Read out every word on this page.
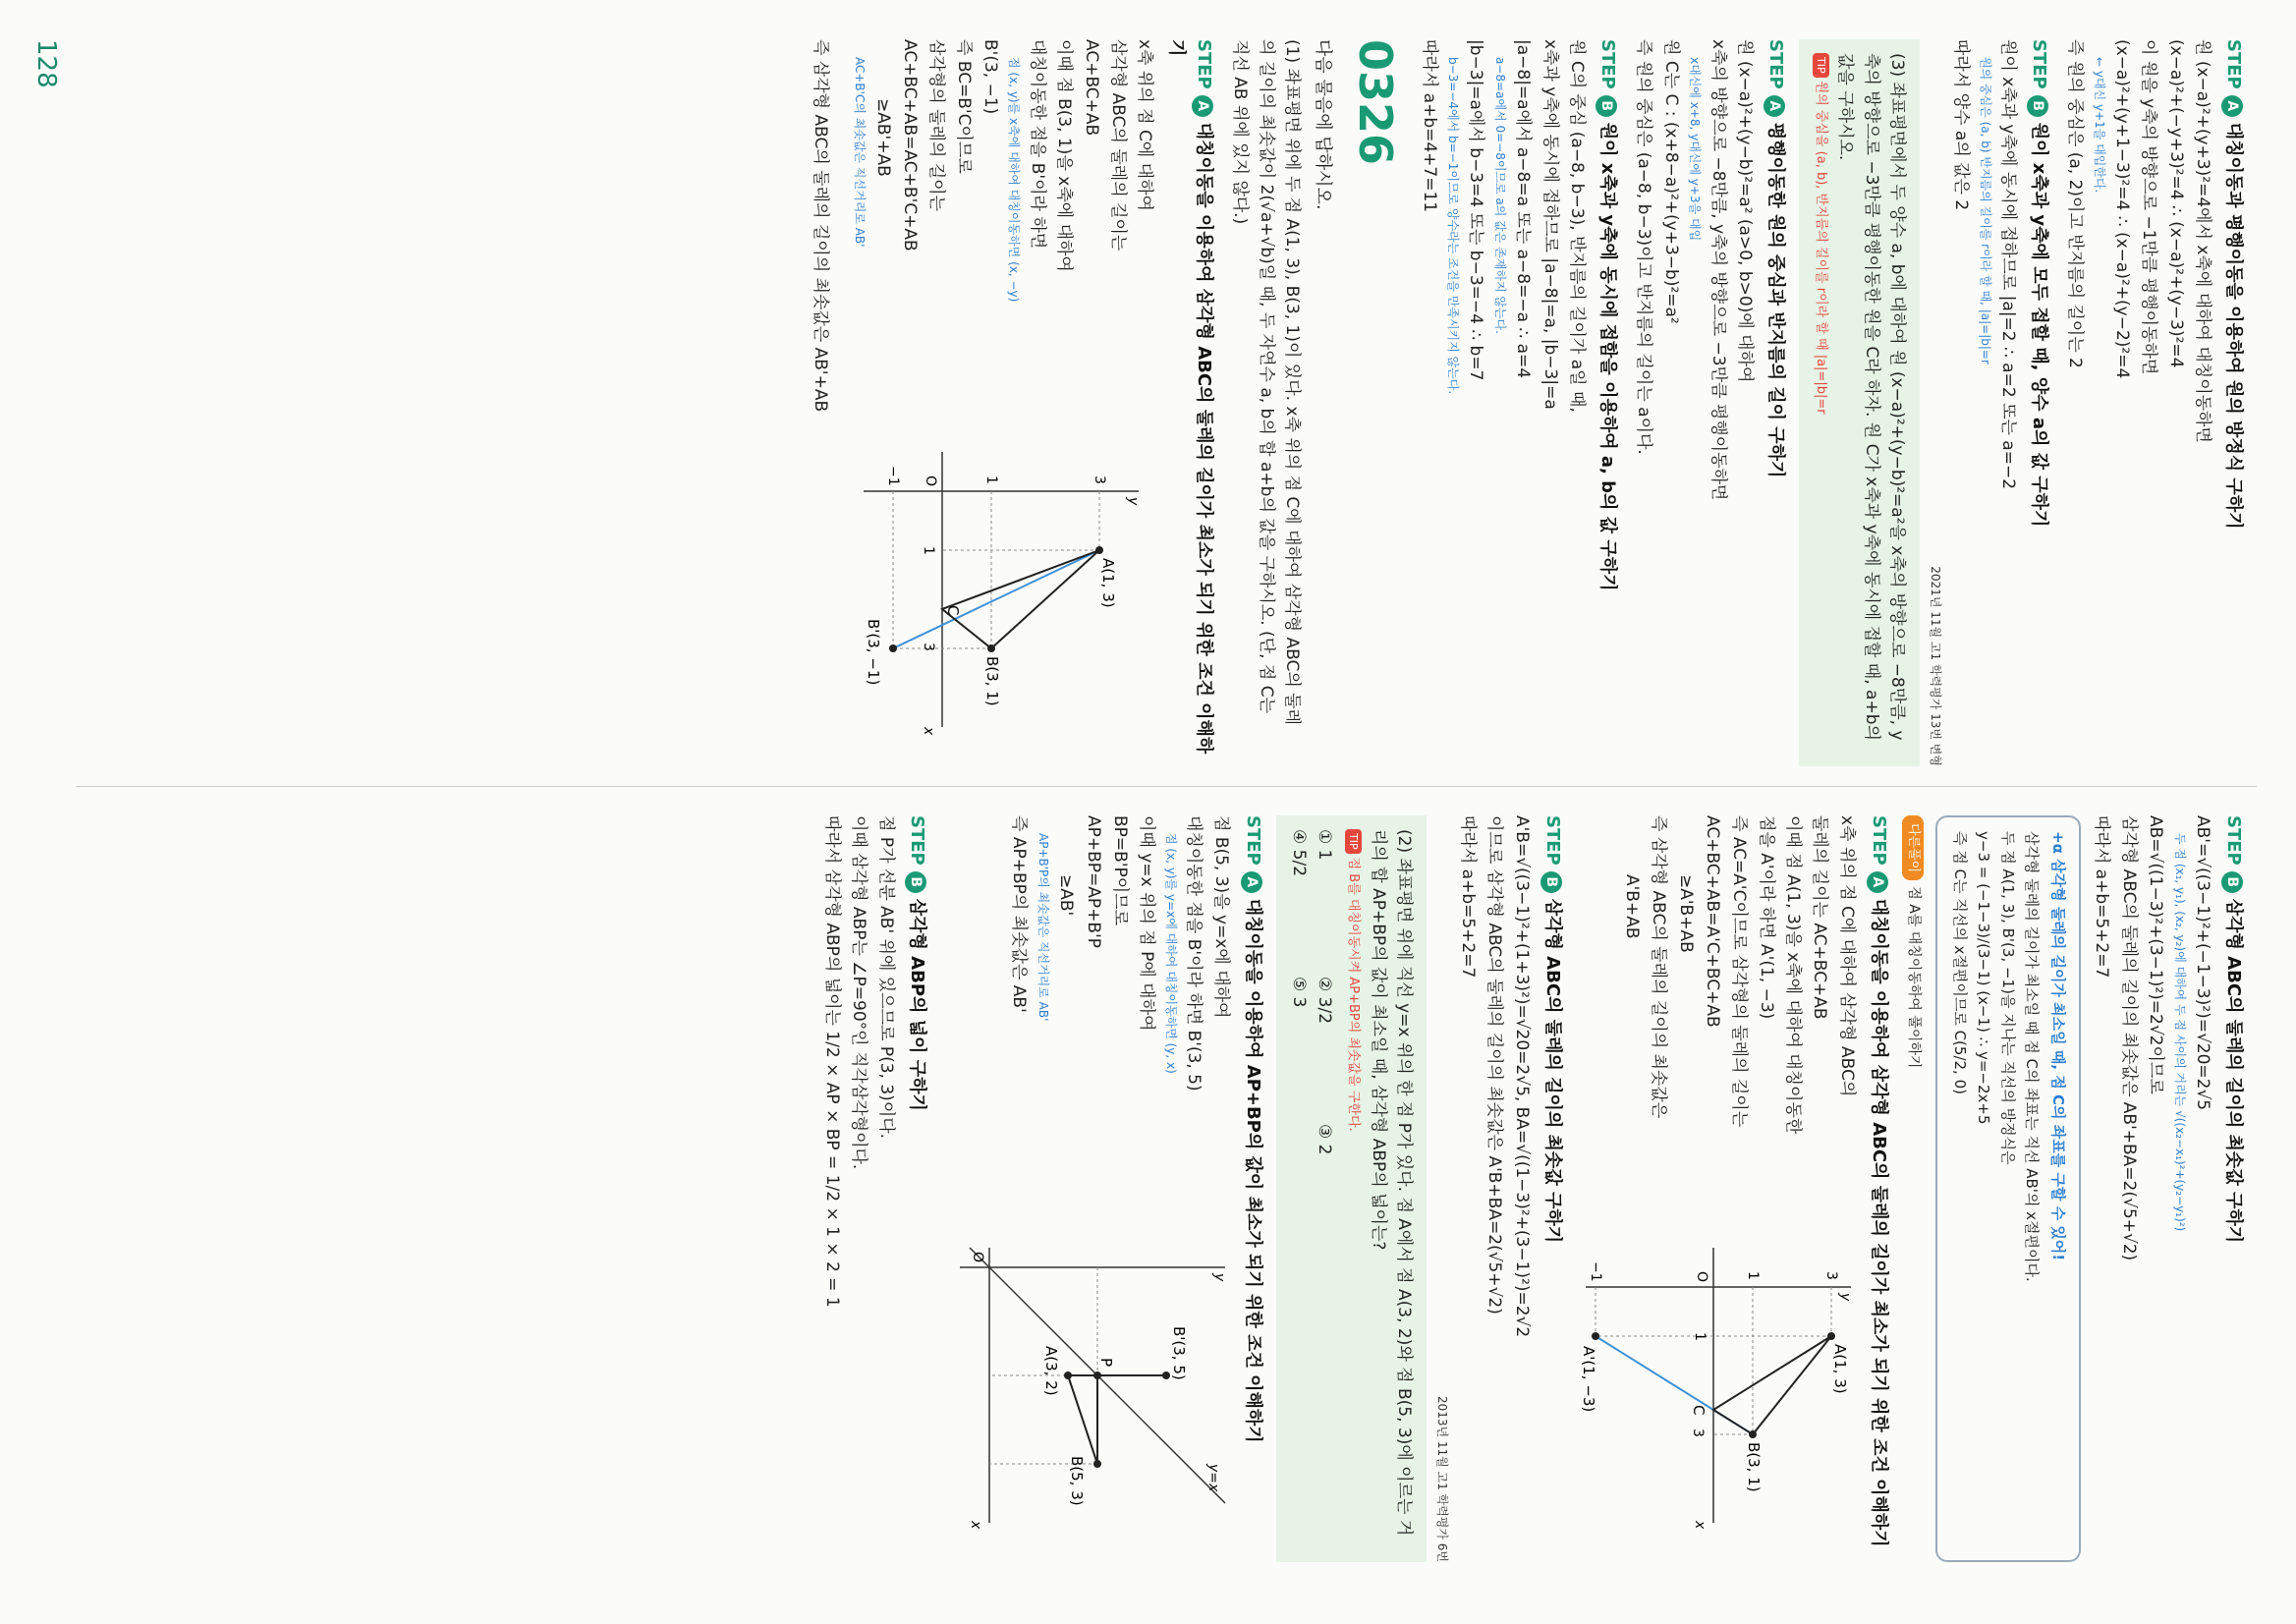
128	STEPA대칭이동과 평행이동을 이용하여 원의 방정식 구하기
원 (x−a)²+(y+3)²=4에서 x축에 대하여 대칭이동하면
(x−a)²+(−y+3)²=4 ∴ (x−a)²+(y−3)²=4
이 원을 y축의 방향으로 −1만큼 평행이동하면
(x−a)²+(y+1−3)²=4 ∴ (x−a)²+(y−2)²=4
← y대신 y+1을 대입한다.
즉 원의 중심은 (a, 2)이고 반지름의 길이는 2
STEPB원이 x축과 y축에 모두 접할 때, 양수 a의 값 구하기
원이 x축과 y축에 동시에 접하므로 |a|=2 ∴ a=2 또는 a=−2
원의 중심은 (a, b) 반지름의 길이를 r이라 할 때, |a|=|b|=r
따라서 양수 a의 값은 2
2021년 11월 고1 학력평가 13번 변형
(3) 좌표평면에서 두 양수 a, b에 대하여 원 (x−a)²+(y−b)²=a²을 x축의 방향으로 −8만큼, y축의 방향으로 −3만큼 평행이동한 원을 C라 하자. 원 C가 x축과 y축에 동시에 접할 때, a+b의 값을 구하시오.
TIP원의 중심을 (a, b), 반지름의 길이를 r이라 할 때 |a|=|b|=r
STEPA평행이동한 원의 중심과 반지름의 길이 구하기
원 (x−a)²+(y−b)²=a² (a>0, b>0)에 대하여
x축의 방향으로 −8만큼, y축의 방향으로 −3만큼 평행이동하면
x대신에 x+8, y대신에 y+3을 대입
원 C는 C : (x+8−a)²+(y+3−b)²=a²
즉 원의 중심은 (a−8, b−3)이고 반지름의 길이는 a이다.
STEPB원이 x축과 y축에 동시에 접함을 이용하여 a, b의 값 구하기
원 C의 중심 (a−8, b−3), 반지름의 길이가 a일 때,
x축과 y축에 동시에 접하므로 |a−8|=a, |b−3|=a
|a−8|=a에서 a−8=a 또는 a−8=−a ∴ a=4
a−8=a에서 0=−8이므로 a의 값은 존재하지 않는다.
|b−3|=a에서 b−3=4 또는 b−3=−4 ∴ b=7
b−3=−4에서 b=−1이므로 양수라는 조건을 만족시키지 않는다.
따라서 a+b=4+7=11
0326
다음 물음에 답하시오.
(1) 좌표평면 위에 두 점 A(1, 3), B(3, 1)이 있다. x축 위의 점 C에 대하여 삼각형 ABC의 둘레의 길이의 최솟값이 2(√a+√b)일 때, 두 자연수 a, b의 합 a+b의 값을 구하시오. (단, 점 C는 직선 AB 위에 있지 않다.)
STEPA대칭이동을 이용하여 삼각형 ABC의 둘레의 길이가 최소가 되기 위한 조건 이해하기
x축 위의 점 C에 대하여
삼각형 ABC의 둘레의 길이는
AC+BC+AB
이때 점 B(3, 1)을 x축에 대하여
대칭이동한 점을 B'이라 하면
점 (x, y)를 x축에 대하여 대칭이동하면 (x, −y)
B'(3, −1)
즉 BC=B'C이므로
삼각형의 둘레의 길이는
AC+BC+AB=AC+B'C+AB
≥AB'+AB
AC+B'C의 최솟값은 직선거리로 AB'
A(1, 3)
B(3, 1)
B'(3, −1)
C
O
1
3
3
1
−1
x
y
즉 삼각형 ABC의 둘레의 길이의 최솟값은 AB'+AB
STEPB삼각형 ABC의 둘레의 길이의 최솟값 구하기
AB'=√((3−1)²+(−1−3)²)=√20=2√5
두 점 (x₁, y₁), (x₂, y₂)에 대하여 두 점 사이의 거리는 √((x₂−x₁)²+(y₂−y₁)²)
AB=√((1−3)²+(3−1)²)=2√2이므로
삼각형 ABC의 둘레의 길이의 최솟값은 AB'+BA=2(√5+√2)
따라서 a+b=5+2=7
+α 삼각형 둘레의 길이가 최소일 때, 점 C의 좌표를 구할 수 있어!
삼각형 둘레의 길이가 최소일 때 점 C의 좌표는 직선 AB'의 x절편이다.
두 점 A(1, 3), B'(3, −1)을 지나는 직선의 방정식은
y−3 = (−1−3)/(3−1) (x−1) ∴ y=−2x+5
즉 점 C는 직선의 x절편이므로 C(5/2, 0)
다른풀이점 A를 대칭이동하여 풀이하기
STEPA대칭이동을 이용하여 삼각형 ABC의 둘레의 길이가 최소가 되기 위한 조건 이해하기
x축 위의 점 C에 대하여 삼각형 ABC의
둘레의 길이는 AC+BC+AB
이때 점 A(1, 3)을 x축에 대하여 대칭이동한
점을 A'이라 하면 A'(1, −3)
즉 AC=A'C이므로 삼각형의 둘레의 길이는
AC+BC+AB=A'C+BC+AB
≥A'B+AB
즉 삼각형 ABC의 둘레의 길이의 최솟값은
A'B+AB
A(1, 3)
B(3, 1)
A'(1, −3)	C
O
1
3
3
1
−1
x
y
STEPB삼각형 ABC의 둘레의 길이의 최솟값 구하기
A'B=√((3−1)²+(1+3)²)=√20=2√5, BA=√((1−3)²+(3−1)²)=2√2
이므로 삼각형 ABC의 둘레의 길이의 최솟값은 A'B+BA=2(√5+√2)
따라서 a+b=5+2=7
2013년 11월 고1 학력평가 6번
(2) 좌표평면 위에 직선 y=x 위의 한 점 P가 있다. 점 A에서 점 A(3, 2)와 점 B(5, 3)에 이르는 거리의 합 AP+BP의 값이 최소일 때, 삼각형 ABP의 넓이는?
TIP점 B를 대칭이동시켜 AP+BP의 최솟값을 구한다.
① 1② 3/2③ 2
④ 5/2⑤ 3
STEPA대칭이동을 이용하여 AP+BP의 값이 최소가 되기 위한 조건 이해하기
점 B(5, 3)을 y=x에 대하여
대칭이동한 점을 B'이라 하면 B'(3, 5)
점 (x, y)를 y=x에 대하여 대칭이동하면 (y, x)
이때 y=x 위의 점 P에 대하여
BP=B'P이므로
AP+BP=AP+B'P
≥AB'
AP+B'P의 최솟값은 직선거리로 AB'
즉 AP+BP의 최솟값은 AB'
B'(3, 5)
A(3, 2)
B(5, 3)
P
O
y=x
x
y
STEPB삼각형 ABP의 넓이 구하기
점 P가 선분 AB' 위에 있으므로 P(3, 3)이다.
이때 삼각형 ABP는 ∠P=90°인 직각삼각형이다.
따라서 삼각형 ABP의 넓이는 1/2 × AP × BP = 1/2 × 1 × 2 = 1
